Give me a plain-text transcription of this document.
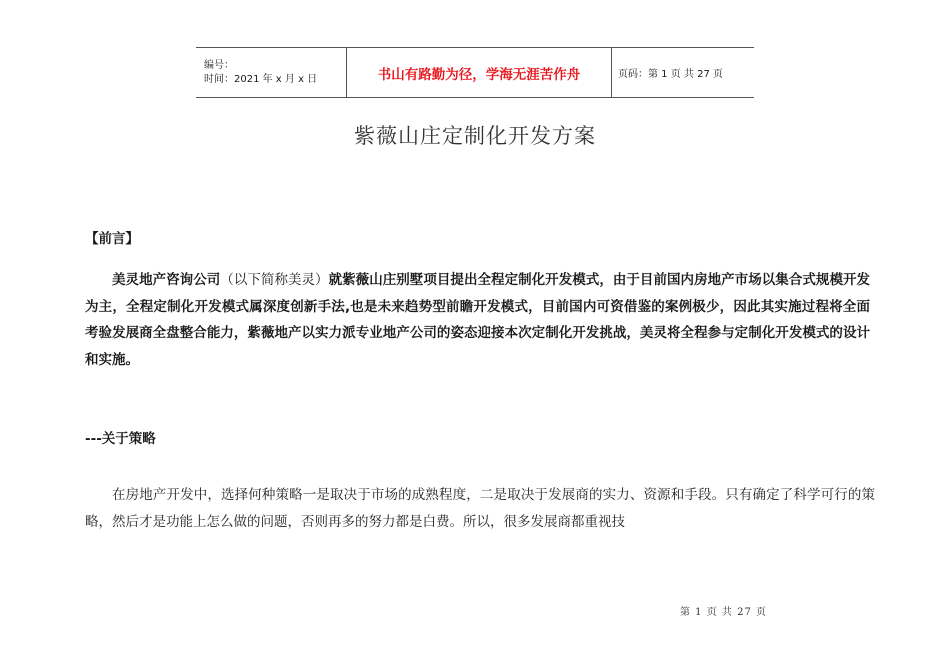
编号：
时间：2021 年 x 月 x 日	书山有路勤为径，学海无涯苦作舟	页码：第 1 页 共 27 页
紫薇山庄定制化开发方案
【前言】
美灵地产咨询公司（以下简称美灵）就紫薇山庄别墅项目提出全程定制化开发模式，由于目前国内房地产市场以集合式规模开发为主，全程定制化开发模式属深度创新手法,也是未来趋势型前瞻开发模式，目前国内可资借鉴的案例极少，因此其实施过程将全面考验发展商全盘整合能力，紫薇地产以实力派专业地产公司的姿态迎接本次定制化开发挑战，美灵将全程参与定制化开发模式的设计和实施。
---关于策略
在房地产开发中，选择何种策略一是取决于市场的成熟程度，二是取决于发展商的实力、资源和手段。只有确定了科学可行的策略，然后才是功能上怎么做的问题，否则再多的努力都是白费。所以，很多发展商都重视技
第 1 页 共 27 页
